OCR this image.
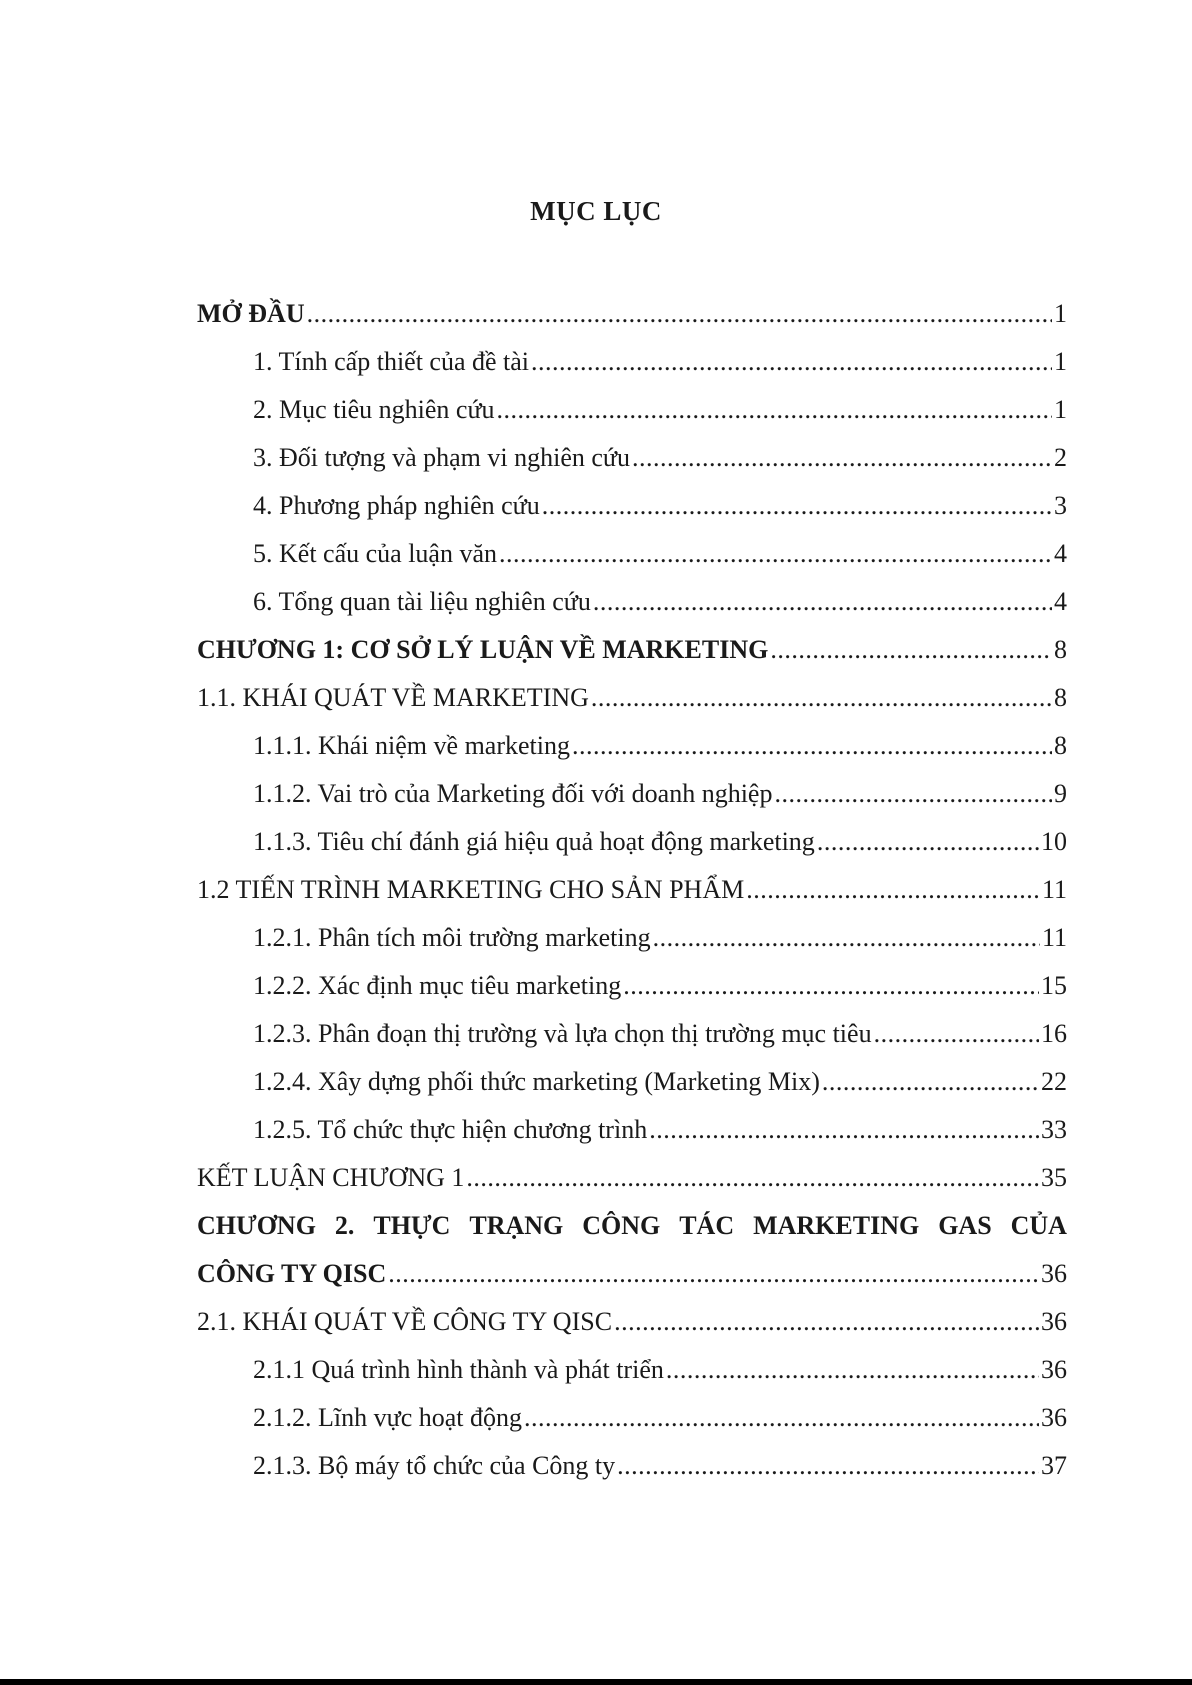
MỤC LỤC
MỞ ĐẦU .....	1
1. Tính cấp thiết của đề tài .....	1
2. Mục tiêu nghiên cứu .....	1
3. Đối tượng và phạm vi nghiên cứu .....	2
4. Phương pháp nghiên cứu .....	3
5. Kết cấu của luận văn .....	4
6. Tổng quan tài liệu nghiên cứu .....	4
CHƯƠNG 1: CƠ SỞ LÝ LUẬN VỀ MARKETING .....	8
1.1. KHÁI QUÁT VỀ MARKETING .....	8
1.1.1. Khái niệm về marketing .....	8
1.1.2. Vai trò của Marketing đối với doanh nghiệp .....	9
1.1.3. Tiêu chí đánh giá hiệu quả hoạt động marketing .....	10
1.2 TIẾN TRÌNH MARKETING CHO SẢN PHẨM .....	11
1.2.1. Phân tích môi trường marketing .....	11
1.2.2. Xác định mục tiêu marketing .....	15
1.2.3. Phân đoạn thị trường và lựa chọn thị trường mục tiêu .....	16
1.2.4. Xây dựng phối thức marketing (Marketing Mix) .....	22
1.2.5. Tổ chức thực hiện chương trình .....	33
KẾT LUẬN CHƯƠNG 1 .....	35
CHƯƠNG 2. THỰC TRẠNG CÔNG TÁC MARKETING GAS CỦA
CÔNG TY QISC .....	36
2.1. KHÁI QUÁT VỀ CÔNG TY QISC .....	36
2.1.1 Quá trình hình thành và phát triển .....	36
2.1.2. Lĩnh vực hoạt động .....	36
2.1.3. Bộ máy tổ chức của Công ty .....	37
